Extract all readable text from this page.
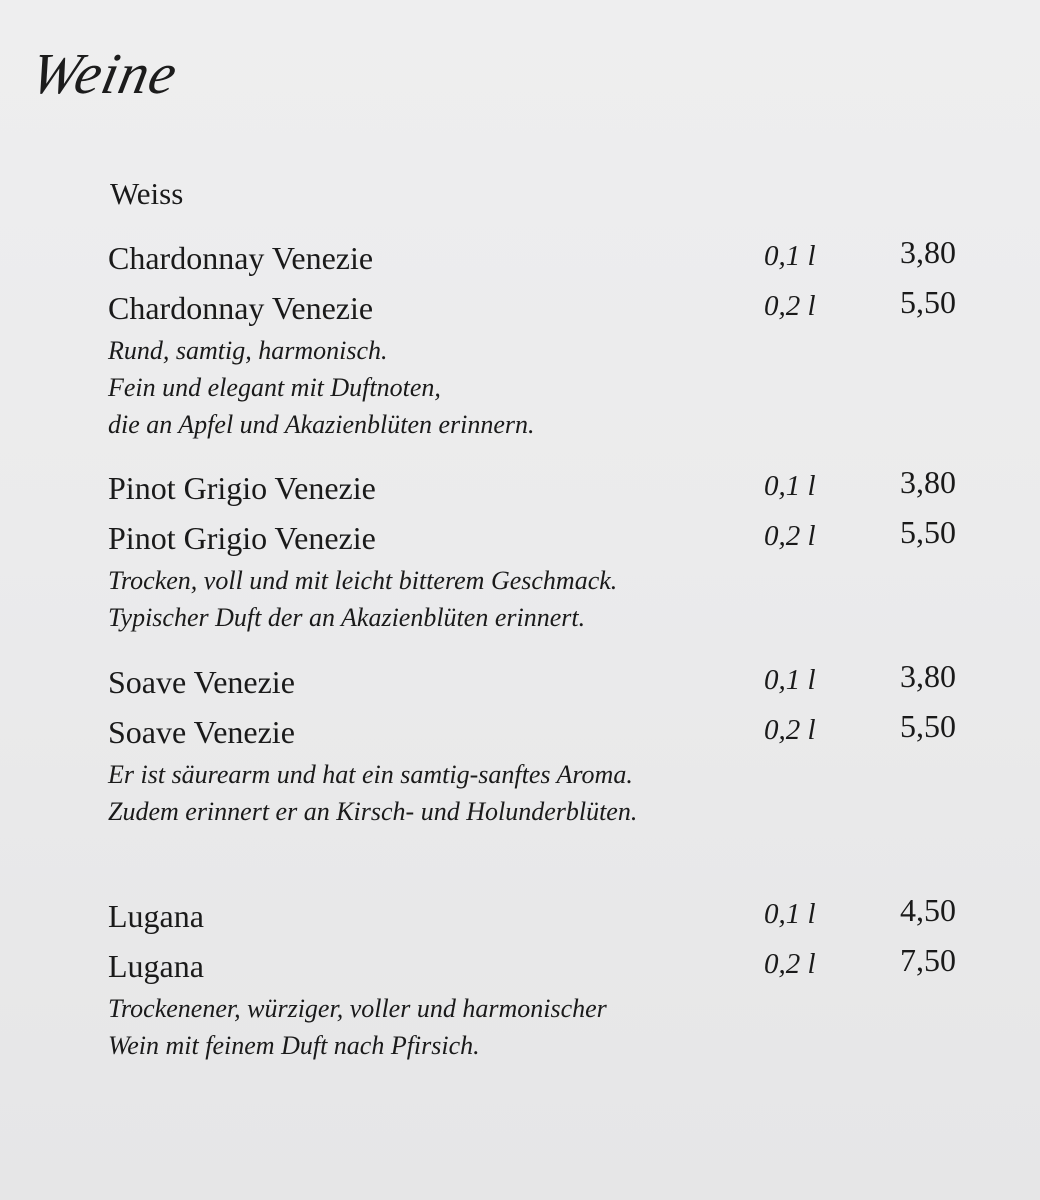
Weine
Weiss
Chardonnay Venezie	0,1 l	3,80
Chardonnay Venezie	0,2 l	5,50
Rund, samtig, harmonisch.
Fein und elegant mit Duftnoten,
die an Apfel und Akazienblüten erinnern.
Pinot Grigio Venezie	0,1 l	3,80
Pinot Grigio Venezie	0,2 l	5,50
Trocken, voll und mit leicht bitterem Geschmack.
Typischer Duft der an Akazienblüten erinnert.
Soave Venezie	0,1 l	3,80
Soave Venezie	0,2 l	5,50
Er ist säurearm und hat ein samtig-sanftes Aroma.
Zudem erinnert er an Kirsch- und Holunderblüten.
Lugana	0,1 l	4,50
Lugana	0,2 l	7,50
Trockenener, würziger, voller und harmonischer
Wein mit feinem Duft nach Pfirsich.
